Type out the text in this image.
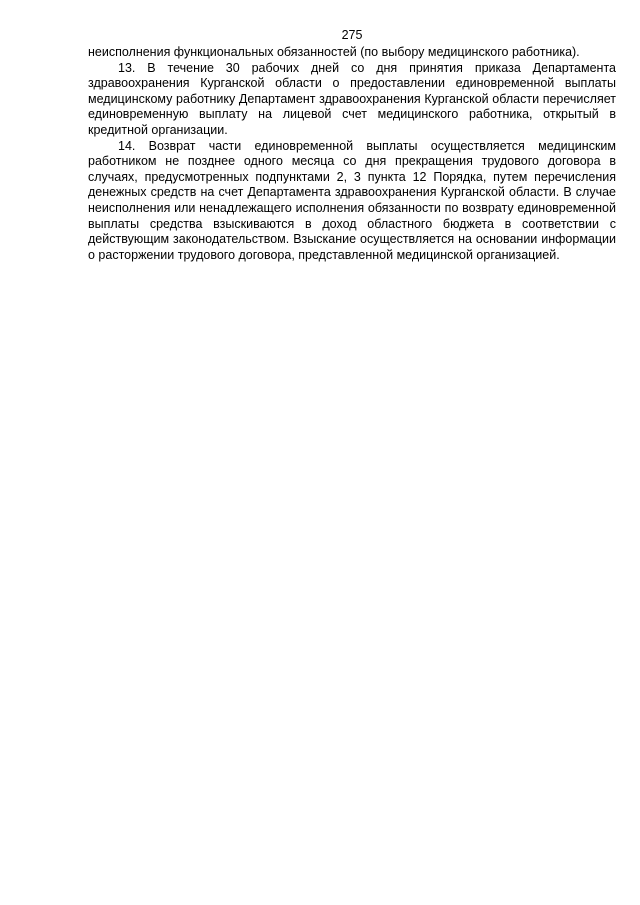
275

неисполнения функциональных обязанностей (по выбору медицинского работника).

13. В течение 30 рабочих дней со дня принятия приказа Департамента здравоохранения Курганской области о предоставлении единовременной выплаты медицинскому работнику Департамент здравоохранения Курганской области перечисляет единовременную выплату на лицевой счет медицинского работника, открытый в кредитной организации.

14. Возврат части единовременной выплаты осуществляется медицинским работником не позднее одного месяца со дня прекращения трудового договора в случаях, предусмотренных подпунктами 2, 3 пункта 12 Порядка, путем перечисления денежных средств на счет Департамента здравоохранения Курганской области. В случае неисполнения или ненадлежащего исполнения обязанности по возврату единовременной выплаты средства взыскиваются в доход областного бюджета в соответствии с действующим законодательством. Взыскание осуществляется на основании информации о расторжении трудового договора, представленной медицинской организацией.
